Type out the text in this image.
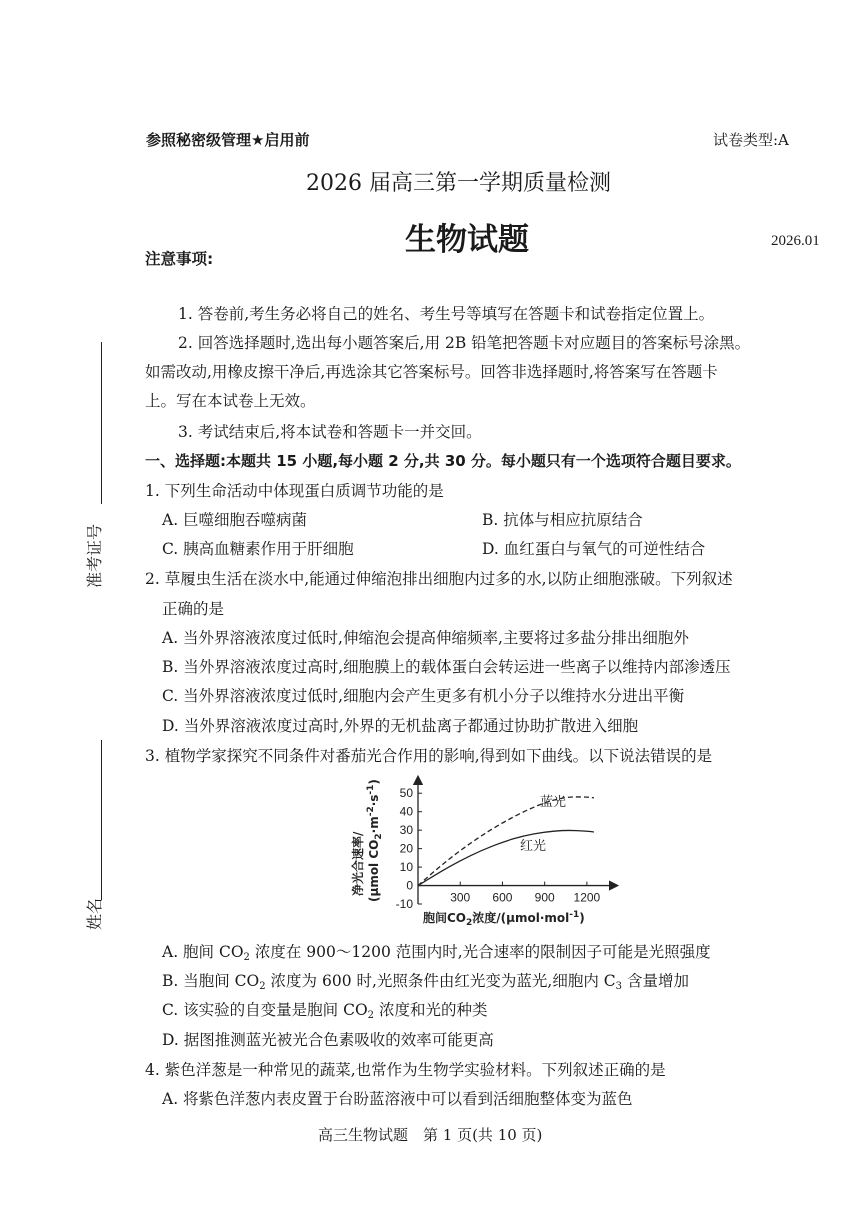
参照秘密级管理★启用前	试卷类型:A
2026 届高三第一学期质量检测
生物试题	2026.01
准考证号
姓名
注意事项:
1. 答卷前,考生务必将自己的姓名、考生号等填写在答题卡和试卷指定位置上。
2. 回答选择题时,选出每小题答案后,用 2B 铅笔把答题卡对应题目的答案标号涂黑。
如需改动,用橡皮擦干净后,再选涂其它答案标号。回答非选择题时,将答案写在答题卡
上。写在本试卷上无效。
3. 考试结束后,将本试卷和答题卡一并交回。
一、选择题:本题共 15 小题,每小题 2 分,共 30 分。每小题只有一个选项符合题目要求。
1. 下列生命活动中体现蛋白质调节功能的是
A. 巨噬细胞吞噬病菌	B. 抗体与相应抗原结合
C. 胰高血糖素作用于肝细胞	D. 血红蛋白与氧气的可逆性结合
2. 草履虫生活在淡水中,能通过伸缩泡排出细胞内过多的水,以防止细胞涨破。下列叙述
正确的是
A. 当外界溶液浓度过低时,伸缩泡会提高伸缩频率,主要将过多盐分排出细胞外
B. 当外界溶液浓度过高时,细胞膜上的载体蛋白会转运进一些离子以维持内部渗透压
C. 当外界溶液浓度过低时,细胞内会产生更多有机小分子以维持水分进出平衡
D. 当外界溶液浓度过高时,外界的无机盐离子都通过协助扩散进入细胞
3. 植物学家探究不同条件对番茄光合作用的影响,得到如下曲线。以下说法错误的是
净光合速率/ (μmol $CO_2\cdot m^{-2}\cdot s^{-1}$)
50
40
30
20
10
0
-10	300 600 900 1200
蓝光
红光
胞间$CO_2$浓度/(μmol·mol$^{-1}$)
A. 胞间 $CO_2$ 浓度在 900～1200 范围内时,光合速率的限制因子可能是光照强度
B. 当胞间 $CO_2$ 浓度为 600 时,光照条件由红光变为蓝光,细胞内 $C_3$ 含量增加
C. 该实验的自变量是胞间 $CO_2$ 浓度和光的种类
D. 据图推测蓝光被光合色素吸收的效率可能更高
4. 紫色洋葱是一种常见的蔬菜,也常作为生物学实验材料。下列叙述正确的是
A. 将紫色洋葱内表皮置于台盼蓝溶液中可以看到活细胞整体变为蓝色
高三生物试题　第 1 页(共 10 页)
